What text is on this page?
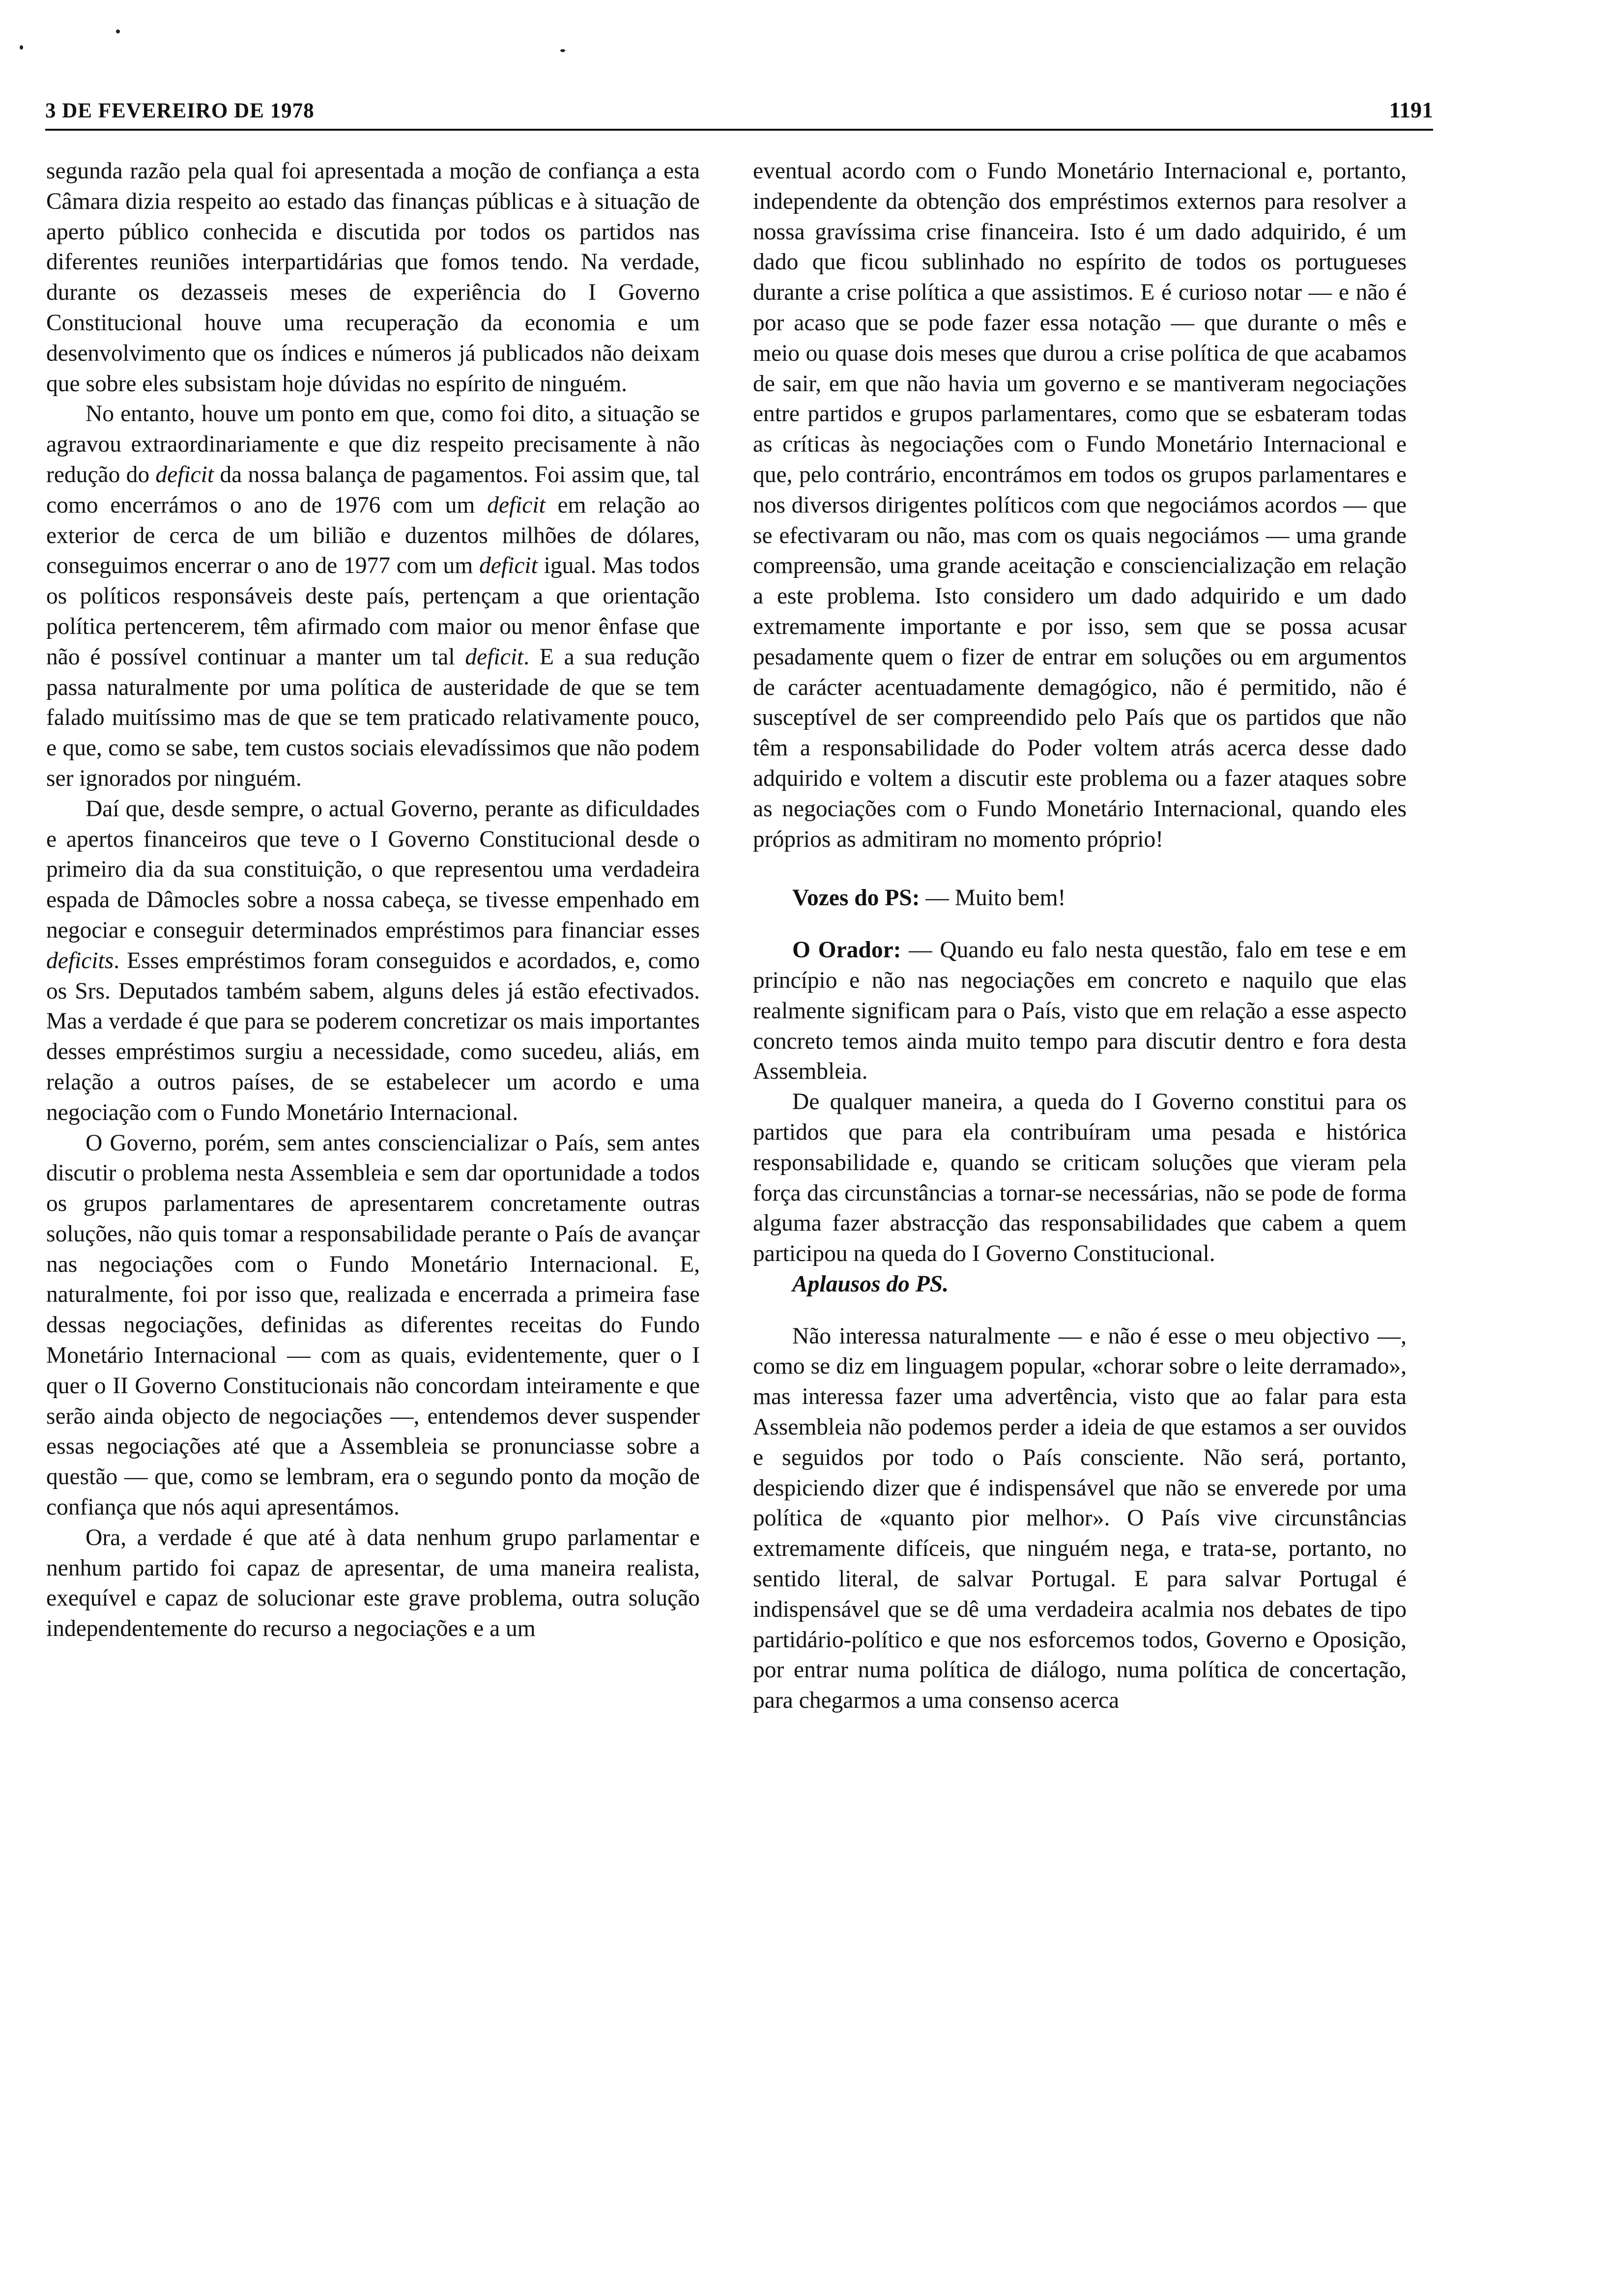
3 DE FEVEREIRO DE 1978	1191

segunda razão pela qual foi apresentada a moção de confiança a esta Câmara dizia respeito ao estado das finanças públicas e à situação de aperto público conhecida e discutida por todos os partidos nas diferentes reuniões interpartidárias que fomos tendo. Na verdade, durante os dezasseis meses de experiência do I Governo Constitucional houve uma recuperação da economia e um desenvolvimento que os índices e números já publicados não deixam que sobre eles subsistam hoje dúvidas no espírito de ninguém.

No entanto, houve um ponto em que, como foi dito, a situação se agravou extraordinariamente e que diz respeito precisamente à não redução do deficit da nossa balança de pagamentos. Foi assim que, tal como encerrámos o ano de 1976 com um deficit em relação ao exterior de cerca de um bilião e duzentos milhões de dólares, conseguimos encerrar o ano de 1977 com um deficit igual. Mas todos os políticos responsáveis deste país, pertençam a que orientação política pertencerem, têm afirmado com maior ou menor ênfase que não é possível continuar a manter um tal deficit. E a sua redução passa naturalmente por uma política de austeridade de que se tem falado muitíssimo mas de que se tem praticado relativamente pouco, e que, como se sabe, tem custos sociais elevadíssimos que não podem ser ignorados por ninguém.

Daí que, desde sempre, o actual Governo, perante as dificuldades e apertos financeiros que teve o I Governo Constitucional desde o primeiro dia da sua constituição, o que representou uma verdadeira espada de Dâmocles sobre a nossa cabeça, se tivesse empenhado em negociar e conseguir determinados empréstimos para financiar esses deficits. Esses empréstimos foram conseguidos e acordados, e, como os Srs. Deputados também sabem, alguns deles já estão efectivados. Mas a verdade é que para se poderem concretizar os mais importantes desses empréstimos surgiu a necessidade, como sucedeu, aliás, em relação a outros países, de se estabelecer um acordo e uma negociação com o Fundo Monetário Internacional.

O Governo, porém, sem antes consciencializar o País, sem antes discutir o problema nesta Assembleia e sem dar oportunidade a todos os grupos parlamentares de apresentarem concretamente outras soluções, não quis tomar a responsabilidade perante o País de avançar nas negociações com o Fundo Monetário Internacional. E, naturalmente, foi por isso que, realizada e encerrada a primeira fase dessas negociações, definidas as diferentes receitas do Fundo Monetário Internacional — com as quais, evidentemente, quer o I quer o II Governo Constitucionais não concordam inteiramente e que serão ainda objecto de negociações —, entendemos dever suspender essas negociações até que a Assembleia se pronunciasse sobre a questão — que, como se lembram, era o segundo ponto da moção de confiança que nós aqui apresentámos.

Ora, a verdade é que até à data nenhum grupo parlamentar e nenhum partido foi capaz de apresentar, de uma maneira realista, exequível e capaz de solucionar este grave problema, outra solução independentemente do recurso a negociações e a um

eventual acordo com o Fundo Monetário Internacional e, portanto, independente da obtenção dos empréstimos externos para resolver a nossa gravíssima crise financeira. Isto é um dado adquirido, é um dado que ficou sublinhado no espírito de todos os portugueses durante a crise política a que assistimos. E é curioso notar — e não é por acaso que se pode fazer essa notação — que durante o mês e meio ou quase dois meses que durou a crise política de que acabamos de sair, em que não havia um governo e se mantiveram negociações entre partidos e grupos parlamentares, como que se esbateram todas as críticas às negociações com o Fundo Monetário Internacional e que, pelo contrário, encontrámos em todos os grupos parlamentares e nos diversos dirigentes políticos com que negociámos acordos — que se efectivaram ou não, mas com os quais negociámos — uma grande compreensão, uma grande aceitação e consciencialização em relação a este problema. Isto considero um dado adquirido e um dado extremamente importante e por isso, sem que se possa acusar pesadamente quem o fizer de entrar em soluções ou em argumentos de carácter acentuadamente demagógico, não é permitido, não é susceptível de ser compreendido pelo País que os partidos que não têm a responsabilidade do Poder voltem atrás acerca desse dado adquirido e voltem a discutir este problema ou a fazer ataques sobre as negociações com o Fundo Monetário Internacional, quando eles próprios as admitiram no momento próprio!

Vozes do PS: — Muito bem!

O Orador: — Quando eu falo nesta questão, falo em tese e em princípio e não nas negociações em concreto e naquilo que elas realmente significam para o País, visto que em relação a esse aspecto concreto temos ainda muito tempo para discutir dentro e fora desta Assembleia.

De qualquer maneira, a queda do I Governo constitui para os partidos que para ela contribuíram uma pesada e histórica responsabilidade e, quando se criticam soluções que vieram pela força das circunstâncias a tornar-se necessárias, não se pode de forma alguma fazer abstracção das responsabilidades que cabem a quem participou na queda do I Governo Constitucional.

Aplausos do PS.

Não interessa naturalmente — e não é esse o meu objectivo —, como se diz em linguagem popular, «chorar sobre o leite derramado», mas interessa fazer uma advertência, visto que ao falar para esta Assembleia não podemos perder a ideia de que estamos a ser ouvidos e seguidos por todo o País consciente. Não será, portanto, despiciendo dizer que é indispensável que não se enverede por uma política de «quanto pior melhor». O País vive circunstâncias extremamente difíceis, que ninguém nega, e trata-se, portanto, no sentido literal, de salvar Portugal. E para salvar Portugal é indispensável que se dê uma verdadeira acalmia nos debates de tipo partidário-político e que nos esforcemos todos, Governo e Oposição, por entrar numa política de diálogo, numa política de concertação, para chegarmos a uma consenso acerca
